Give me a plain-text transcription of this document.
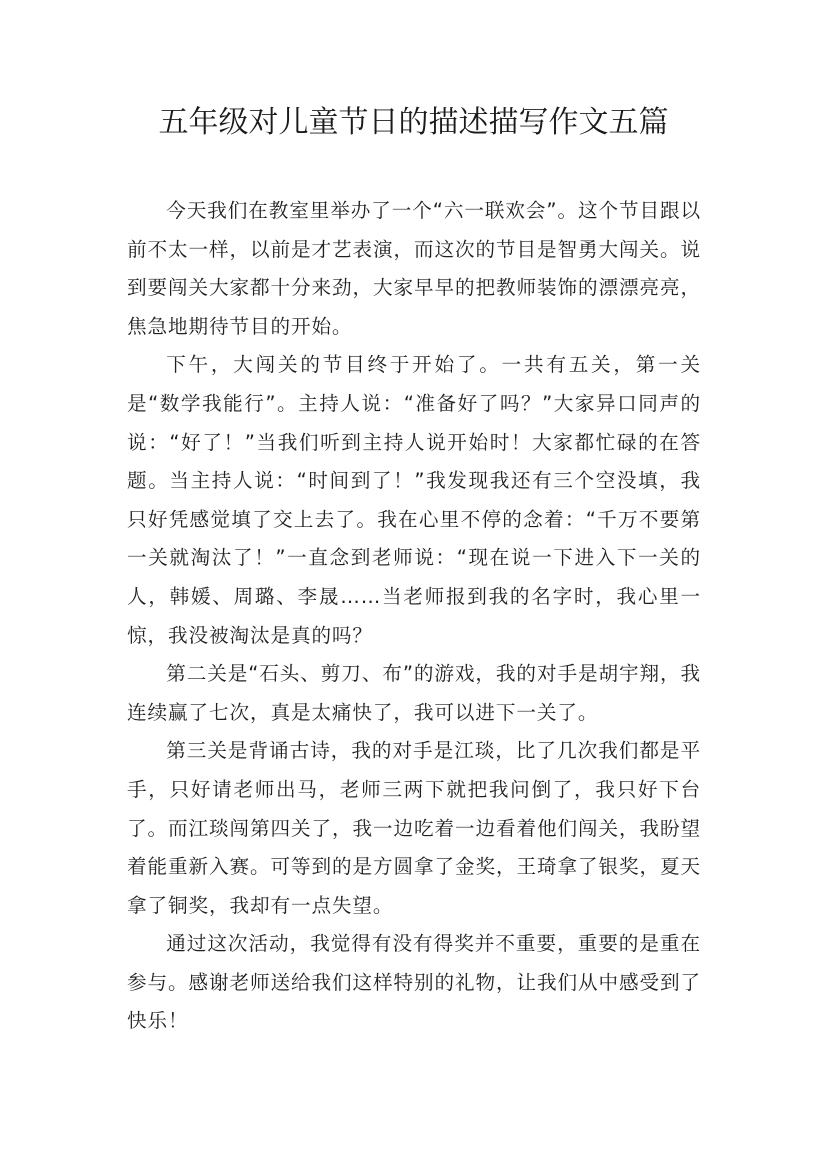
五年级对儿童节日的描述描写作文五篇

今天我们在教室里举办了一个“六一联欢会”。这个节目跟以前不太一样，以前是才艺表演，而这次的节目是智勇大闯关。说到要闯关大家都十分来劲，大家早早的把教师装饰的漂漂亮亮，焦急地期待节目的开始。

下午，大闯关的节目终于开始了。一共有五关，第一关是“数学我能行”。主持人说：“准备好了吗？”大家异口同声的说：“好了！”当我们听到主持人说开始时！大家都忙碌的在答题。当主持人说：“时间到了！”我发现我还有三个空没填，我只好凭感觉填了交上去了。我在心里不停的念着：“千万不要第一关就淘汰了！”一直念到老师说：“现在说一下进入下一关的人，韩媛、周璐、李晟……当老师报到我的名字时，我心里一惊，我没被淘汰是真的吗？

第二关是“石头、剪刀、布”的游戏，我的对手是胡宇翔，我连续赢了七次，真是太痛快了，我可以进下一关了。

第三关是背诵古诗，我的对手是江琰，比了几次我们都是平手，只好请老师出马，老师三两下就把我问倒了，我只好下台了。而江琰闯第四关了，我一边吃着一边看着他们闯关，我盼望着能重新入赛。可等到的是方圆拿了金奖，王琦拿了银奖，夏天拿了铜奖，我却有一点失望。

通过这次活动，我觉得有没有得奖并不重要，重要的是重在参与。感谢老师送给我们这样特别的礼物，让我们从中感受到了快乐！
